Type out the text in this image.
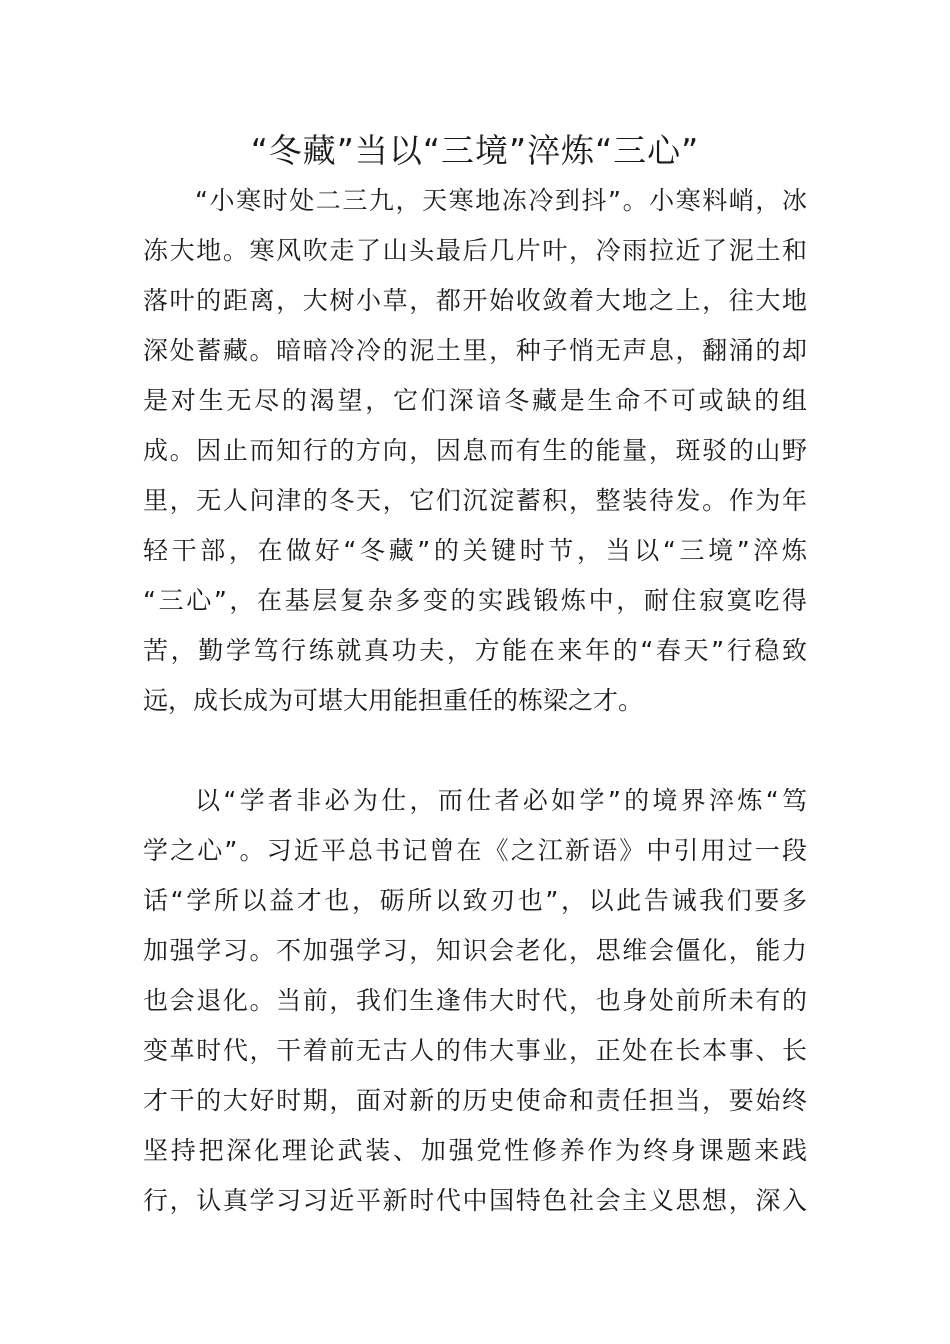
“冬藏”当以“三境”淬炼“三心”
“小寒时处二三九，天寒地冻冷到抖”。小寒料峭，冰
冻大地。寒风吹走了山头最后几片叶，冷雨拉近了泥土和
落叶的距离，大树小草，都开始收敛着大地之上，往大地
深处蓄藏。暗暗冷冷的泥土里，种子悄无声息，翻涌的却
是对生无尽的渴望，它们深谙冬藏是生命不可或缺的组
成。因止而知行的方向，因息而有生的能量，斑驳的山野
里，无人问津的冬天，它们沉淀蓄积，整装待发。作为年
轻干部，在做好“冬藏”的关键时节，当以“三境”淬炼
“三心”，在基层复杂多变的实践锻炼中，耐住寂寞吃得
苦，勤学笃行练就真功夫，方能在来年的“春天”行稳致
远，成长成为可堪大用能担重任的栋梁之才。
以“学者非必为仕，而仕者必如学”的境界淬炼“笃
学之心”。习近平总书记曾在《之江新语》中引用过一段
话“学所以益才也，砺所以致刃也”，以此告诫我们要多
加强学习。不加强学习，知识会老化，思维会僵化，能力
也会退化。当前，我们生逢伟大时代，也身处前所未有的
变革时代，干着前无古人的伟大事业，正处在长本事、长
才干的大好时期，面对新的历史使命和责任担当，要始终
坚持把深化理论武装、加强党性修养作为终身课题来践
行，认真学习习近平新时代中国特色社会主义思想，深入
